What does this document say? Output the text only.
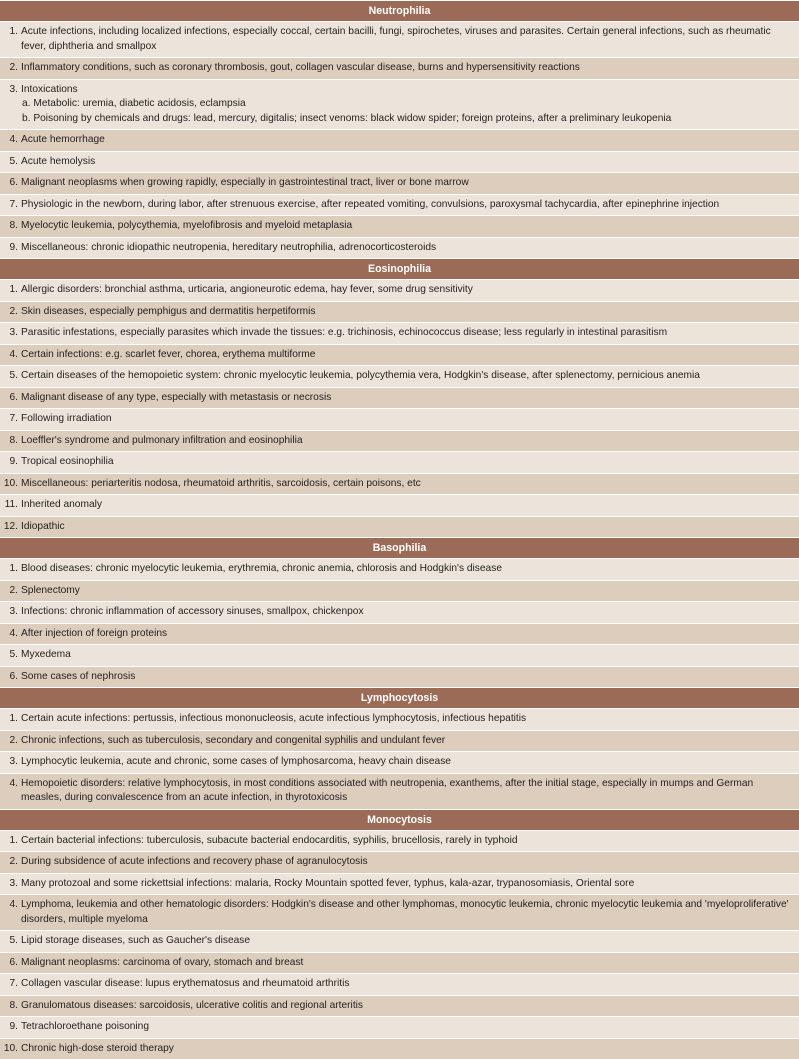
Neutrophilia
1. Acute infections, including localized infections, especially coccal, certain bacilli, fungi, spirochetes, viruses and parasites. Certain general infections, such as rheumatic fever, diphtheria and smallpox
2. Inflammatory conditions, such as coronary thrombosis, gout, collagen vascular disease, burns and hypersensitivity reactions
3. Intoxications
a. Metabolic: uremia, diabetic acidosis, eclampsia
b. Poisoning by chemicals and drugs: lead, mercury, digitalis; insect venoms: black widow spider; foreign proteins, after a preliminary leukopenia
4. Acute hemorrhage
5. Acute hemolysis
6. Malignant neoplasms when growing rapidly, especially in gastrointestinal tract, liver or bone marrow
7. Physiologic in the newborn, during labor, after strenuous exercise, after repeated vomiting, convulsions, paroxysmal tachycardia, after epinephrine injection
8. Myelocytic leukemia, polycythemia, myelofibrosis and myeloid metaplasia
9. Miscellaneous: chronic idiopathic neutropenia, hereditary neutrophilia, adrenocorticosteroids
Eosinophilia
1. Allergic disorders: bronchial asthma, urticaria, angioneurotic edema, hay fever, some drug sensitivity
2. Skin diseases, especially pemphigus and dermatitis herpetiformis
3. Parasitic infestations, especially parasites which invade the tissues: e.g. trichinosis, echinococcus disease; less regularly in intestinal parasitism
4. Certain infections: e.g. scarlet fever, chorea, erythema multiforme
5. Certain diseases of the hemopoietic system: chronic myelocytic leukemia, polycythemia vera, Hodgkin's disease, after splenectomy, pernicious anemia
6. Malignant disease of any type, especially with metastasis or necrosis
7. Following irradiation
8. Loeffler's syndrome and pulmonary infiltration and eosinophilia
9. Tropical eosinophilia
10. Miscellaneous: periarteritis nodosa, rheumatoid arthritis, sarcoidosis, certain poisons, etc
11. Inherited anomaly
12. Idiopathic
Basophilia
1. Blood diseases: chronic myelocytic leukemia, erythremia, chronic anemia, chlorosis and Hodgkin's disease
2. Splenectomy
3. Infections: chronic inflammation of accessory sinuses, smallpox, chickenpox
4. After injection of foreign proteins
5. Myxedema
6. Some cases of nephrosis
Lymphocytosis
1. Certain acute infections: pertussis, infectious mononucleosis, acute infectious lymphocytosis, infectious hepatitis
2. Chronic infections, such as tuberculosis, secondary and congenital syphilis and undulant fever
3. Lymphocytic leukemia, acute and chronic, some cases of lymphosarcoma, heavy chain disease
4. Hemopoietic disorders: relative lymphocytosis, in most conditions associated with neutropenia, exanthems, after the initial stage, especially in mumps and German measles, during convalescence from an acute infection, in thyrotoxicosis
Monocytosis
1. Certain bacterial infections: tuberculosis, subacute bacterial endocarditis, syphilis, brucellosis, rarely in typhoid
2. During subsidence of acute infections and recovery phase of agranulocytosis
3. Many protozoal and some rickettsial infections: malaria, Rocky Mountain spotted fever, typhus, kala-azar, trypanosomiasis, Oriental sore
4. Lymphoma, leukemia and other hematologic disorders: Hodgkin's disease and other lymphomas, monocytic leukemia, chronic myelocytic leukemia and 'myeloproliferative' disorders, multiple myeloma
5. Lipid storage diseases, such as Gaucher's disease
6. Malignant neoplasms: carcinoma of ovary, stomach and breast
7. Collagen vascular disease: lupus erythematosus and rheumatoid arthritis
8. Granulomatous diseases: sarcoidosis, ulcerative colitis and regional arteritis
9. Tetrachloroethane poisoning
10. Chronic high-dose steroid therapy
